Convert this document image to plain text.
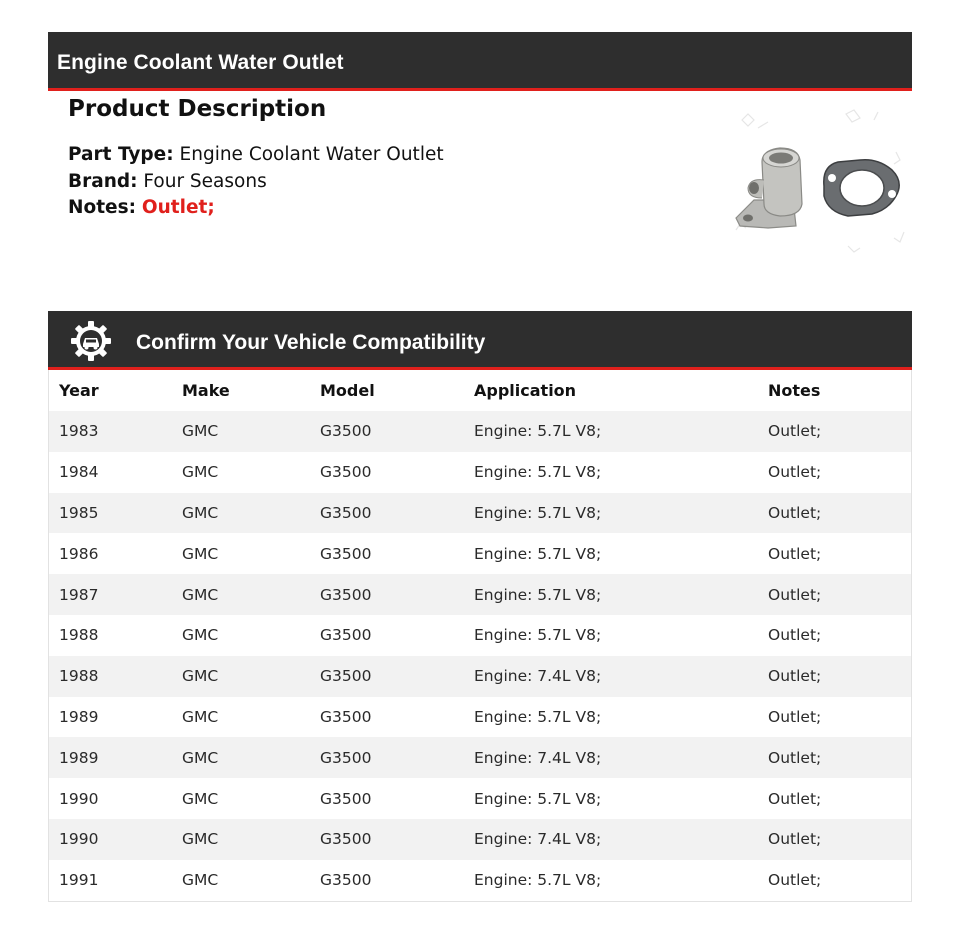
Engine Coolant Water Outlet
Product Description
Part Type: Engine Coolant Water Outlet
Brand: Four Seasons
Notes: Outlet;
Confirm Your Vehicle Compatibility
Year	Make	Model	Application	Notes
1983	GMC	G3500	Engine: 5.7L V8;	Outlet;
1984	GMC	G3500	Engine: 5.7L V8;	Outlet;
1985	GMC	G3500	Engine: 5.7L V8;	Outlet;
1986	GMC	G3500	Engine: 5.7L V8;	Outlet;
1987	GMC	G3500	Engine: 5.7L V8;	Outlet;
1988	GMC	G3500	Engine: 5.7L V8;	Outlet;
1988	GMC	G3500	Engine: 7.4L V8;	Outlet;
1989	GMC	G3500	Engine: 5.7L V8;	Outlet;
1989	GMC	G3500	Engine: 7.4L V8;	Outlet;
1990	GMC	G3500	Engine: 5.7L V8;	Outlet;
1990	GMC	G3500	Engine: 7.4L V8;	Outlet;
1991	GMC	G3500	Engine: 5.7L V8;	Outlet;
